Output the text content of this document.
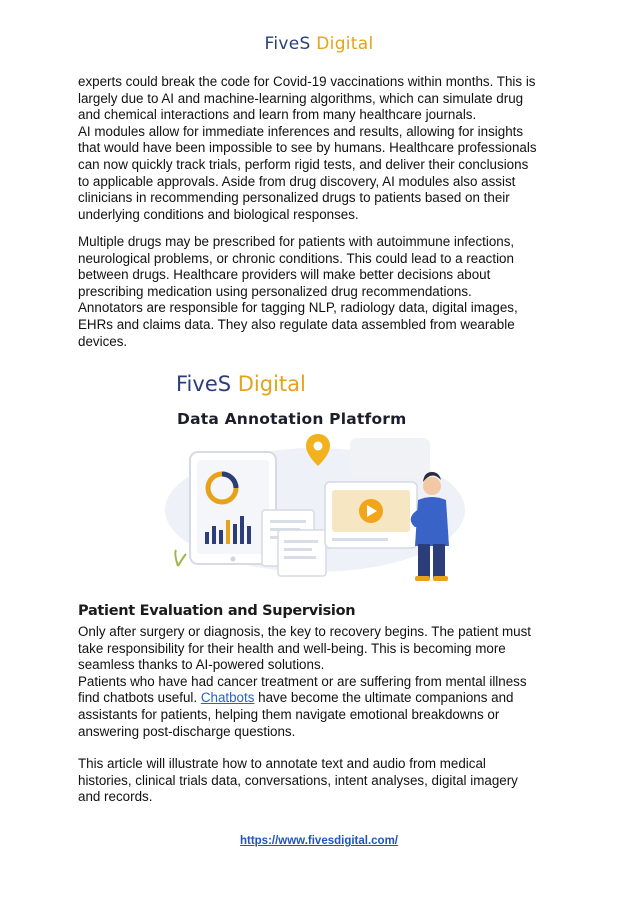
FiveS Digital

experts could break the code for Covid-19 vaccinations within months. This is
largely due to AI and machine-learning algorithms, which can simulate drug
and chemical interactions and learn from many healthcare journals.
AI modules allow for immediate inferences and results, allowing for insights
that would have been impossible to see by humans. Healthcare professionals
can now quickly track trials, perform rigid tests, and deliver their conclusions
to applicable approvals. Aside from drug discovery, AI modules also assist
clinicians in recommending personalized drugs to patients based on their
underlying conditions and biological responses.

Multiple drugs may be prescribed for patients with autoimmune infections,
neurological problems, or chronic conditions. This could lead to a reaction
between drugs. Healthcare providers will make better decisions about
prescribing medication using personalized drug recommendations.
Annotators are responsible for tagging NLP, radiology data, digital images,
EHRs and claims data. They also regulate data assembled from wearable
devices.

FiveS Digital
Data Annotation Platform
Patient Evaluation and Supervision

Only after surgery or diagnosis, the key to recovery begins. The patient must
take responsibility for their health and well-being. This is becoming more
seamless thanks to AI-powered solutions.
Patients who have had cancer treatment or are suffering from mental illness
find chatbots useful. Chatbots have become the ultimate companions and
assistants for patients, helping them navigate emotional breakdowns or
answering post-discharge questions.

This article will illustrate how to annotate text and audio from medical
histories, clinical trials data, conversations, intent analyses, digital imagery
and records.

https://www.fivesdigital.com/
